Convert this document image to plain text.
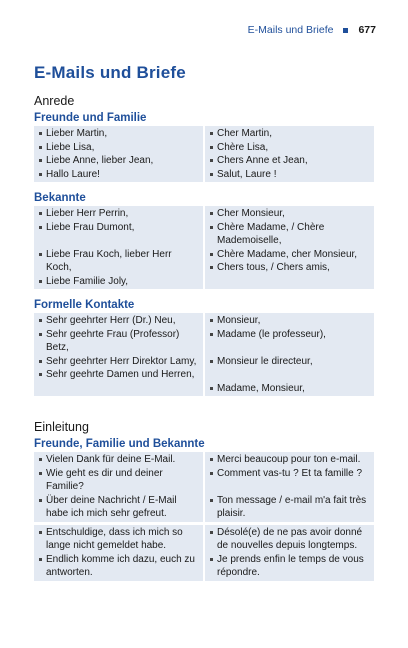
E-Mails und Briefe 677
E-Mails und Briefe
Anrede
Freunde und Familie
Lieber Martin,
Liebe Lisa,
Liebe Anne, lieber Jean,
Hallo Laure!
Cher Martin,
Chère Lisa,
Chers Anne et Jean,
Salut, Laure !
Bekannte
Lieber Herr Perrin,
Liebe Frau Dumont,
Liebe Frau Koch, lieber Herr Koch,
Liebe Familie Joly,
Cher Monsieur,
Chère Madame, / Chère Mademoiselle,
Chère Madame, cher Monsieur,
Chers tous, / Chers amis,
Formelle Kontakte
Sehr geehrter Herr (Dr.) Neu,
Sehr geehrte Frau (Professor) Betz,
Sehr geehrter Herr Direktor Lamy,
Sehr geehrte Damen und Herren,
Monsieur,
Madame (le professeur),
Monsieur le directeur,
Madame, Monsieur,
Einleitung
Freunde, Familie und Bekannte
Vielen Dank für deine E-Mail.
Wie geht es dir und deiner Familie?
Über deine Nachricht / E-Mail habe ich mich sehr gefreut.
Merci beaucoup pour ton e-mail.
Comment vas-tu ? Et ta famille ?
Ton message / e-mail m'a fait très plaisir.
Entschuldige, dass ich mich so lange nicht gemeldet habe.
Endlich komme ich dazu, euch zu antworten.
Désolé(e) de ne pas avoir donné de nouvelles depuis longtemps.
Je prends enfin le temps de vous répondre.
